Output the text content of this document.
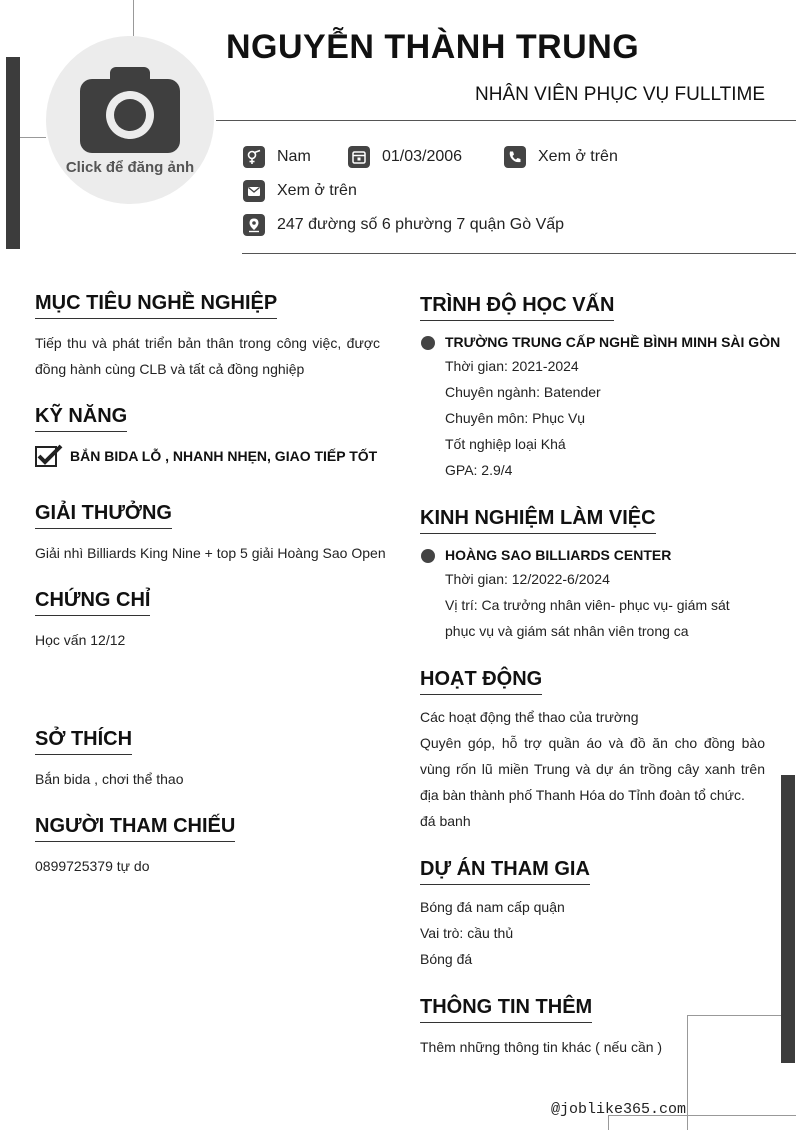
Click để đăng ảnh
NGUYỄN THÀNH TRUNG
NHÂN VIÊN PHỤC VỤ FULLTIME
Nam	01/03/2006	Xem ở trên
Xem ở trên
247 đường số 6 phường 7 quận Gò Vấp
MỤC TIÊU NGHỀ NGHIỆP
Tiếp thu và phát triển bản thân trong công việc, được đồng hành cùng CLB và tất cả đồng nghiệp
KỸ NĂNG
BẮN BIDA LỖ , NHANH NHẸN, GIAO TIẾP TỐT
GIẢI THƯỞNG
Giải nhì Billiards King Nine + top 5 giải Hoàng Sao Open
CHỨNG CHỈ
Học vấn 12/12
SỞ THÍCH
Bắn bida , chơi thể thao
NGƯỜI THAM CHIẾU
0899725379 tự do
TRÌNH ĐỘ HỌC VẤN
TRƯỜNG TRUNG CẤP NGHỀ BÌNH MINH SÀI GÒN
Thời gian: 2021-2024
Chuyên ngành: Batender
Chuyên môn: Phục Vụ
Tốt nghiệp loại Khá
GPA: 2.9/4
KINH NGHIỆM LÀM VIỆC
HOÀNG SAO BILLIARDS CENTER
Thời gian: 12/2022-6/2024
Vị trí: Ca trưởng nhân viên- phục vụ- giám sát phục vụ và giám sát nhân viên trong ca
HOẠT ĐỘNG
Các hoạt động thể thao của trường
Quyên góp, hỗ trợ quần áo và đồ ăn cho đồng bào vùng rốn lũ miền Trung và dự án trồng cây xanh trên địa bàn thành phố Thanh Hóa do Tỉnh đoàn tổ chức.
đá banh
DỰ ÁN THAM GIA
Bóng đá nam cấp quận
Vai trò: cầu thủ
Bóng đá
THÔNG TIN THÊM
Thêm những thông tin khác ( nếu cần )
@joblike365.com
